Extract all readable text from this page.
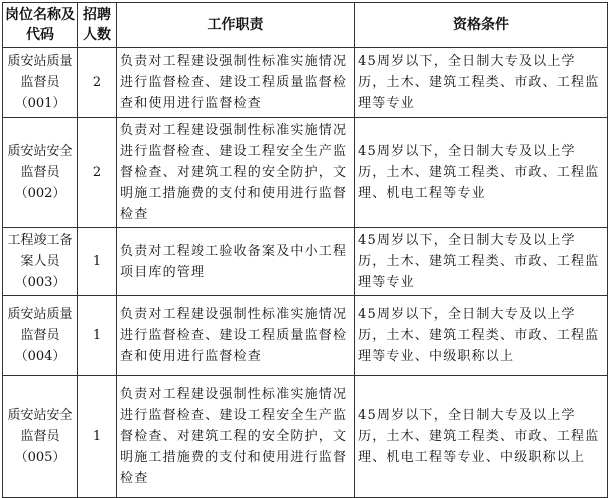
岗位名称及代码	招聘人数	工作职责	资格条件
质安站质量监督员（001）	2	负责对工程建设强制性标准实施情况进行监督检查、建设工程质量监督检查和使用进行监督检查	45周岁以下，全日制大专及以上学历，土木、建筑工程类、市政、工程监理等专业
质安站安全监督员（002）	2	负责对工程建设强制性标准实施情况进行监督检查、建设工程安全生产监督检查、对建筑工程的安全防护，文明施工措施费的支付和使用进行监督检查	45周岁以下，全日制大专及以上学历，土木、建筑工程类、市政、工程监理、机电工程等专业
工程竣工备案人员（003）	1	负责对工程竣工验收备案及中小工程项目库的管理	45周岁以下，全日制大专及以上学历，土木、建筑工程类、市政、工程监理等专业
质安站质量监督员（004）	1	负责对工程建设强制性标准实施情况进行监督检查、建设工程质量监督检查和使用进行监督检查	45周岁以下，全日制大专及以上学历，土木、建筑工程类、市政、工程监理等专业、中级职称以上
质安站安全监督员（005）	1	负责对工程建设强制性标准实施情况进行监督检查、建设工程安全生产监督检查、对建筑工程的安全防护，文明施工措施费的支付和使用进行监督检查	45周岁以下，全日制大专及以上学历，土木、建筑工程类、市政、工程监理、机电工程等专业、中级职称以上
